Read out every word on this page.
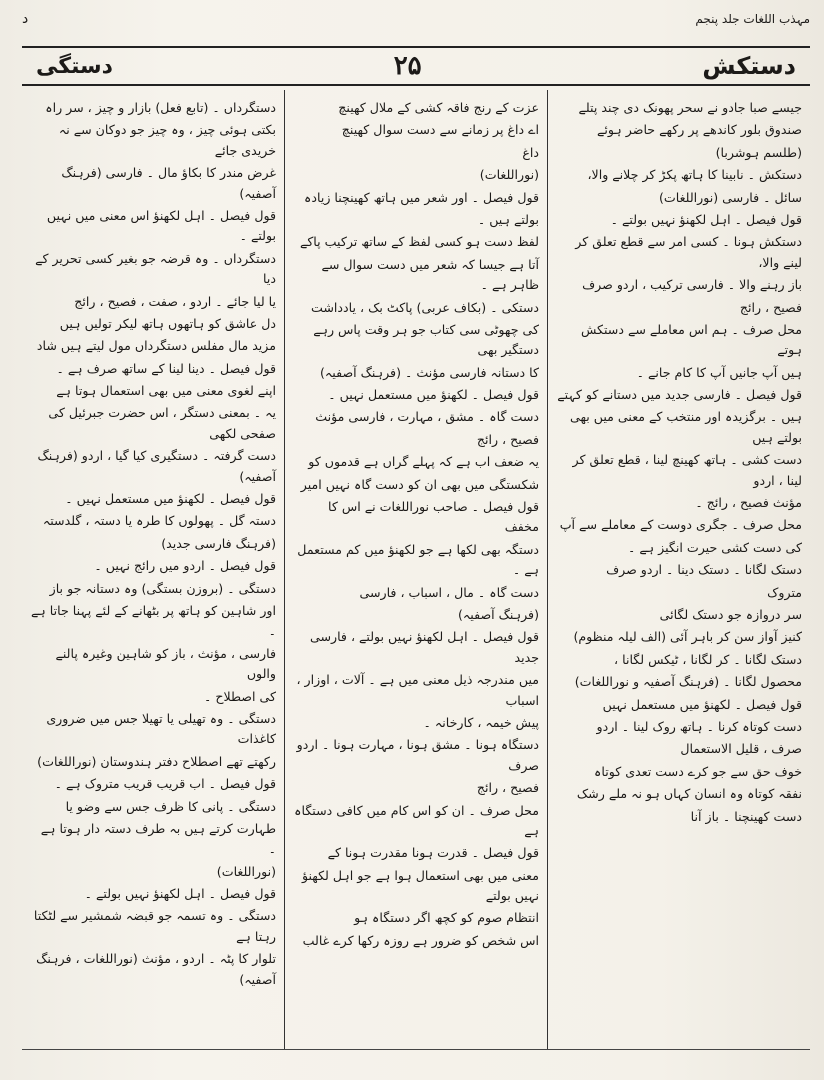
مہذب اللغات جلد پنجم
د
دستکش
۲۵
دستگی

جیسے صبا جادو نے سحر پھونک دی چند پتلے

صندوق بلور کاندھے پر رکھے حاضر ہوئے

(طلسم ہوشربا)

دستکش ۔ نابینا کا ہاتھ پکڑ کر چلانے والا،

سائل ۔ فارسی (نوراللغات)

قول فیصل ۔ اہل لکھنؤ نہیں بولتے ۔

دستکش ہونا ۔ کسی امر سے قطع تعلق کر لینے والا،

باز رہنے والا ۔ فارسی ترکیب ، اردو صرف

فصیح ، رائج

محل صرف ۔ ہم اس معاملے سے دستکش ہوتے

ہیں آپ جانیں آپ کا کام جانے ۔

قول فیصل ۔ فارسی جدید میں دستانے کو کہتے

ہیں ۔ برگزیدہ اور منتخب کے معنی میں بھی بولتے ہیں

دست کشی ۔ ہاتھ کھینچ لینا ، قطع تعلق کر لینا ، اردو

مؤنث فصیح ، رائج ۔

محل صرف ۔ جگری دوست کے معاملے سے آپ

کی دست کشی حیرت انگیز ہے ۔

دستک لگانا ۔ دستک دینا ۔ اردو صرف

متروک

سر دروازہ جو دستک لگائی

کنیز آواز سن کر باہر آئی (الف لیلہ منظوم)

دستک لگانا ۔ کر لگانا ، ٹیکس لگانا ،

محصول لگانا ۔ (فرہنگ آصفیہ و نوراللغات)

قول فیصل ۔ لکھنؤ میں مستعمل نہیں

دست کوتاہ کرنا ۔ ہاتھ روک لینا ۔ اردو

صرف ، قلیل الاستعمال

خوف حق سے جو کرے دست تعدی کوتاہ

نفقہ کوتاہ وہ انسان کہاں ہو نہ ملے رشک

دست کھینچنا ۔ باز آنا

عزت کے رنج فاقہ کشی کے ملال کھینچ

اے داغ پر زمانے سے دست سوال کھینچ

داغ

(نوراللغات)

قول فیصل ۔ اور شعر میں ہاتھ کھینچنا زیادہ

بولتے ہیں ۔

لفظ دست ہو کسی لفظ کے ساتھ ترکیب پاکے

آتا ہے جیسا کہ شعر میں دست سوال سے ظاہر ہے ۔

دستکی ۔ (بکاف عربی) پاکٹ بک ، یادداشت

کی چھوٹی سی کتاب جو ہر وقت پاس رہے دستگیر بھی

کا دستانہ فارسی مؤنث ۔ (فرہنگ آصفیہ)

قول فیصل ۔ لکھنؤ میں مستعمل نہیں ۔

دست گاہ ۔ مشق ، مہارت ، فارسی مؤنث

فصیح ، رائج

یہ ضعف اب ہے کہ پہلے گراں ہے قدموں کو

شکستگی میں بھی ان کو دست گاہ نہیں امیر

قول فیصل ۔ صاحب نوراللغات نے اس کا مخفف

دستگہ بھی لکھا ہے جو لکھنؤ میں کم مستعمل ہے ۔

دست گاہ ۔ مال ، اسباب ، فارسی

(فرہنگ آصفیہ)

قول فیصل ۔ اہل لکھنؤ نہیں بولتے ، فارسی جدید

میں مندرجہ ذیل معنی میں ہے ۔ آلات ، اوزار ، اسباب

پیش خیمہ ، کارخانہ ۔

دستگاہ ہونا ۔ مشق ہونا ، مہارت ہونا ۔ اردو صرف

فصیح ، رائج

محل صرف ۔ ان کو اس کام میں کافی دستگاہ ہے

قول فیصل ۔ قدرت ہونا مقدرت ہونا کے

معنی میں بھی استعمال ہوا ہے جو اہل لکھنؤ نہیں بولتے

انتظام صوم کو کچھ اگر دستگاہ ہو

اس شخص کو ضرور ہے روزہ رکھا کرے غالب

دستگرداں ۔ (تابع فعل) بازار و چیز ، سر راہ

بکتی ہوئی چیز ، وہ چیز جو دوکان سے نہ خریدی جائے

غرض مندر کا بکاؤ مال ۔ فارسی (فرہنگ آصفیہ)

قول فیصل ۔ اہل لکھنؤ اس معنی میں نہیں بولتے ۔

دستگرداں ۔ وہ قرضہ جو بغیر کسی تحریر کے دیا

یا لیا جائے ۔ اردو ، صفت ، فصیح ، رائج

دل عاشق کو ہاتھوں ہاتھ لیکر تولیں ہیں

مزید مال مفلس دستگرداں مول لیتے ہیں شاد

قول فیصل ۔ دینا لینا کے ساتھ صرف ہے ۔

اپنے لغوی معنی میں بھی استعمال ہوتا ہے

یہ ۔ بمعنی دستگر ، اس حضرت جبرئیل کی صفحی لکھی

دست گرفتہ ۔ دستگیری کیا گیا ، اردو (فرہنگ آصفیہ)

قول فیصل ۔ لکھنؤ میں مستعمل نہیں ۔

دستہ گل ۔ پھولوں کا طرہ یا دستہ ، گلدستہ

(فرہنگ فارسی جدید)

قول فیصل ۔ اردو میں رائج نہیں ۔

دستگی ۔ (بروزن بستگی) وہ دستانہ جو باز

اور شاہین کو ہاتھ پر بٹھانے کے لئے پہنا جاتا ہے ۔

فارسی ، مؤنث ، باز کو شاہین وغیرہ پالنے والوں

کی اصطلاح ۔

دستگی ۔ وہ تھیلی یا تھیلا جس میں ضروری کاغذات

رکھتے تھے اصطلاح دفتر ہندوستان (نوراللغات)

قول فیصل ۔ اب قریب قریب متروک ہے ۔

دستگی ۔ پانی کا ظرف جس سے وضو یا

طہارت کرتے ہیں بہ طرف دستہ دار ہوتا ہے ۔

(نوراللغات)

قول فیصل ۔ اہل لکھنؤ نہیں بولتے ۔

دستگی ۔ وہ تسمہ جو قبضہ شمشیر سے لٹکتا رہتا ہے

تلوار کا پٹہ ۔ اردو ، مؤنث (نوراللغات ، فرہنگ آصفیہ)
